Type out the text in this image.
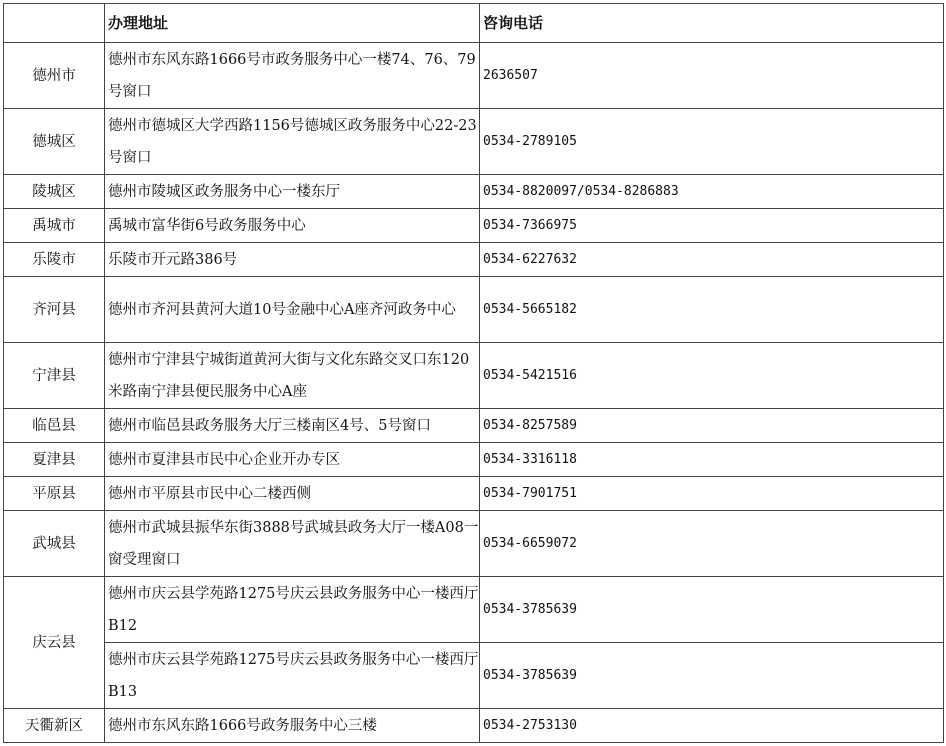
	办理地址	咨询电话
德州市	德州市东风东路1666号市政务服务中心一楼74、76、79号窗口	2636507
德城区	德州市德城区大学西路1156号德城区政务服务中心22-23号窗口	0534-2789105
陵城区	德州市陵城区政务服务中心一楼东厅	0534-8820097/0534-8286883
禹城市	禹城市富华街6号政务服务中心	0534-7366975
乐陵市	乐陵市开元路386号	0534-6227632
齐河县	德州市齐河县黄河大道10号金融中心A座齐河政务中心	0534-5665182
宁津县	德州市宁津县宁城街道黄河大街与文化东路交叉口东120米路南宁津县便民服务中心A座	0534-5421516
临邑县	德州市临邑县政务服务大厅三楼南区4号、5号窗口	0534-8257589
夏津县	德州市夏津县市民中心企业开办专区	0534-3316118
平原县	德州市平原县市民中心二楼西侧	0534-7901751
武城县	德州市武城县振华东街3888号武城县政务大厅一楼A08一窗受理窗口	0534-6659072
庆云县	德州市庆云县学苑路1275号庆云县政务服务中心一楼西厅B12	0534-3785639
	德州市庆云县学苑路1275号庆云县政务服务中心一楼西厅B13	0534-3785639
天衢新区	德州市东风东路1666号政务服务中心三楼	0534-2753130
